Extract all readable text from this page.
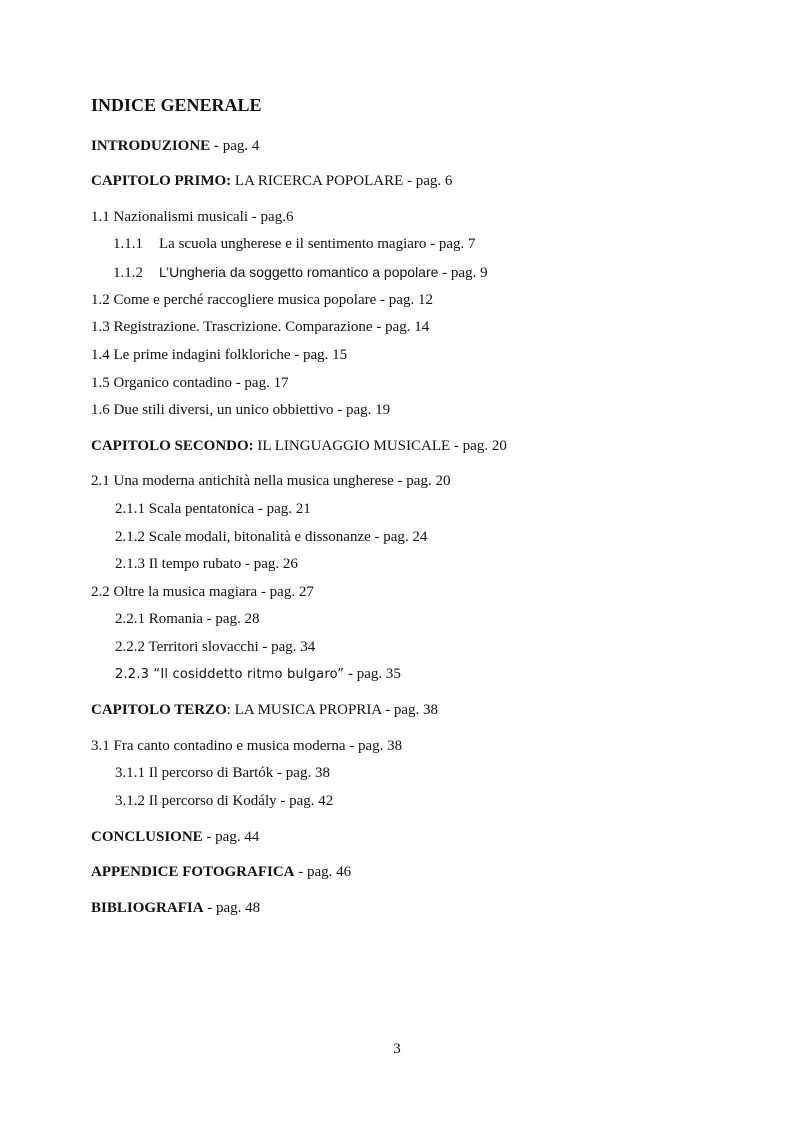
INDICE GENERALE
INTRODUZIONE - pag. 4
CAPITOLO PRIMO: LA RICERCA POPOLARE - pag. 6
1.1 Nazionalismi musicali - pag.6
1.1.1 La scuola ungherese e il sentimento magiaro - pag. 7
1.1.2 L’Ungheria da soggetto romantico a popolare - pag. 9
1.2 Come e perché raccogliere musica popolare - pag. 12
1.3 Registrazione. Trascrizione. Comparazione - pag. 14
1.4 Le prime indagini folkloriche - pag. 15
1.5 Organico contadino - pag. 17
1.6 Due stili diversi, un unico obbiettivo - pag. 19
CAPITOLO SECONDO: IL LINGUAGGIO MUSICALE - pag. 20
2.1 Una moderna antichità nella musica ungherese - pag. 20
2.1.1 Scala pentatonica - pag. 21
2.1.2 Scale modali, bitonalità e dissonanze - pag. 24
2.1.3 Il tempo rubato - pag. 26
2.2 Oltre la musica magiara - pag. 27
2.2.1 Romania - pag. 28
2.2.2 Territori slovacchi - pag. 34
2.2.3 “Il cosiddetto ritmo bulgaro” - pag. 35
CAPITOLO TERZO: LA MUSICA PROPRIA - pag. 38
3.1 Fra canto contadino e musica moderna - pag. 38
3.1.1 Il percorso di Bartók - pag. 38
3.1.2 Il percorso di Kodály - pag. 42
CONCLUSIONE - pag. 44
APPENDICE FOTOGRAFICA - pag. 46
BIBLIOGRAFIA - pag. 48
3
